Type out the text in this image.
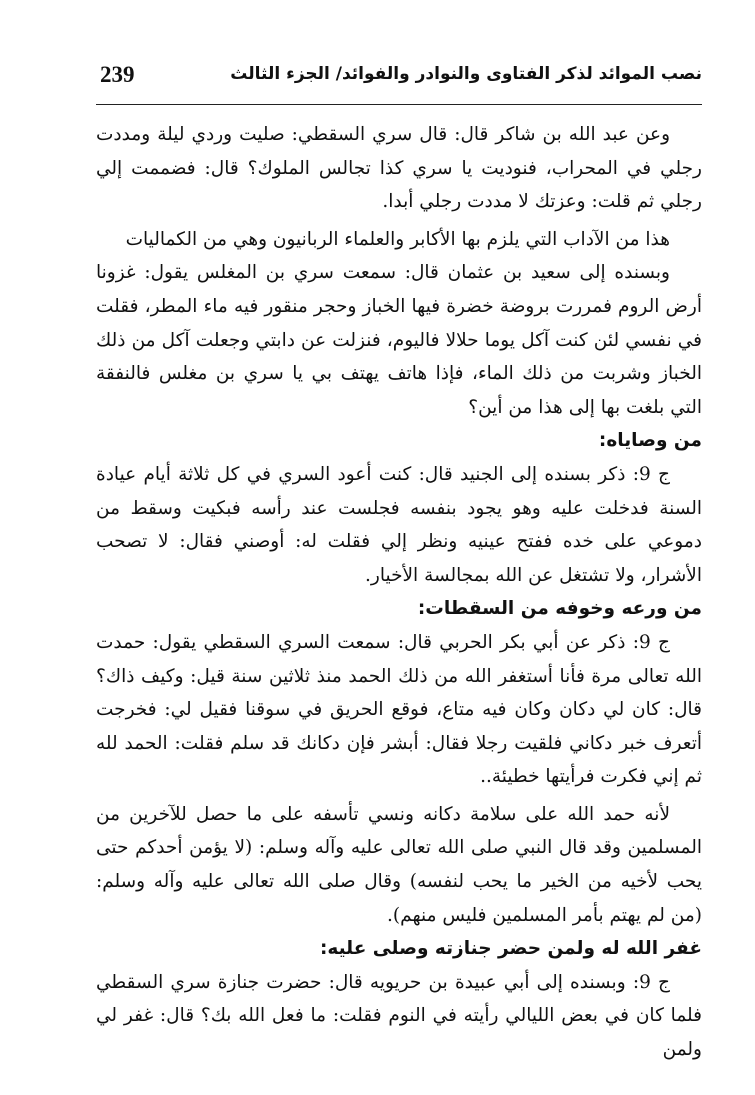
239	نصب الموائد لذكر الفتاوى والنوادر والفوائد/ الجزء الثالث

وعن عبد الله بن شاكر قال: قال سري السقطي: صليت وردي ليلة ومددت رجلي في المحراب، فنوديت يا سري كذا تجالس الملوك؟ قال: فضممت إلي رجلي ثم قلت: وعزتك لا مددت رجلي أبدا.

هذا من الآداب التي يلزم بها الأكابر والعلماء الربانيون وهي من الكماليات

وبسنده إلى سعيد بن عثمان قال: سمعت سري بن المغلس يقول: غزونا أرض الروم فمررت بروضة خضرة فيها الخباز وحجر منقور فيه ماء المطر، فقلت في نفسي لئن كنت آكل يوما حلالا فاليوم، فنزلت عن دابتي وجعلت آكل من ذلك الخباز وشربت من ذلك الماء، فإذا هاتف يهتف بي يا سري بن مغلس فالنفقة التي بلغت بها إلى هذا من أين؟

من وصاياه:

ج 9: ذكر بسنده إلى الجنيد قال: كنت أعود السري في كل ثلاثة أيام عيادة السنة فدخلت عليه وهو يجود بنفسه فجلست عند رأسه فبكيت وسقط من دموعي على خده ففتح عينيه ونظر إلي فقلت له: أوصني فقال: لا تصحب الأشرار، ولا تشتغل عن الله بمجالسة الأخيار.

من ورعه وخوفه من السقطات:

ج 9: ذكر عن أبي بكر الحربي قال: سمعت السري السقطي يقول: حمدت الله تعالى مرة فأنا أستغفر الله من ذلك الحمد منذ ثلاثين سنة قيل: وكيف ذاك؟ قال: كان لي دكان وكان فيه متاع، فوقع الحريق في سوقنا فقيل لي: فخرجت أتعرف خبر دكاني فلقيت رجلا فقال: أبشر فإن دكانك قد سلم فقلت: الحمد لله ثم إني فكرت فرأيتها خطيئة..

لأنه حمد الله على سلامة دكانه ونسي تأسفه على ما حصل للآخرين من المسلمين وقد قال النبي صلى الله تعالى عليه وآله وسلم: (لا يؤمن أحدكم حتى يحب لأخيه من الخير ما يحب لنفسه) وقال صلى الله تعالى عليه وآله وسلم: (من لم يهتم بأمر المسلمين فليس منهم).

غفر الله له ولمن حضر جنازته وصلى عليه:

ج 9: وبسنده إلى أبي عبيدة بن حريويه قال: حضرت جنازة سري السقطي فلما كان في بعض الليالي رأيته في النوم فقلت: ما فعل الله بك؟ قال: غفر لي ولمن
